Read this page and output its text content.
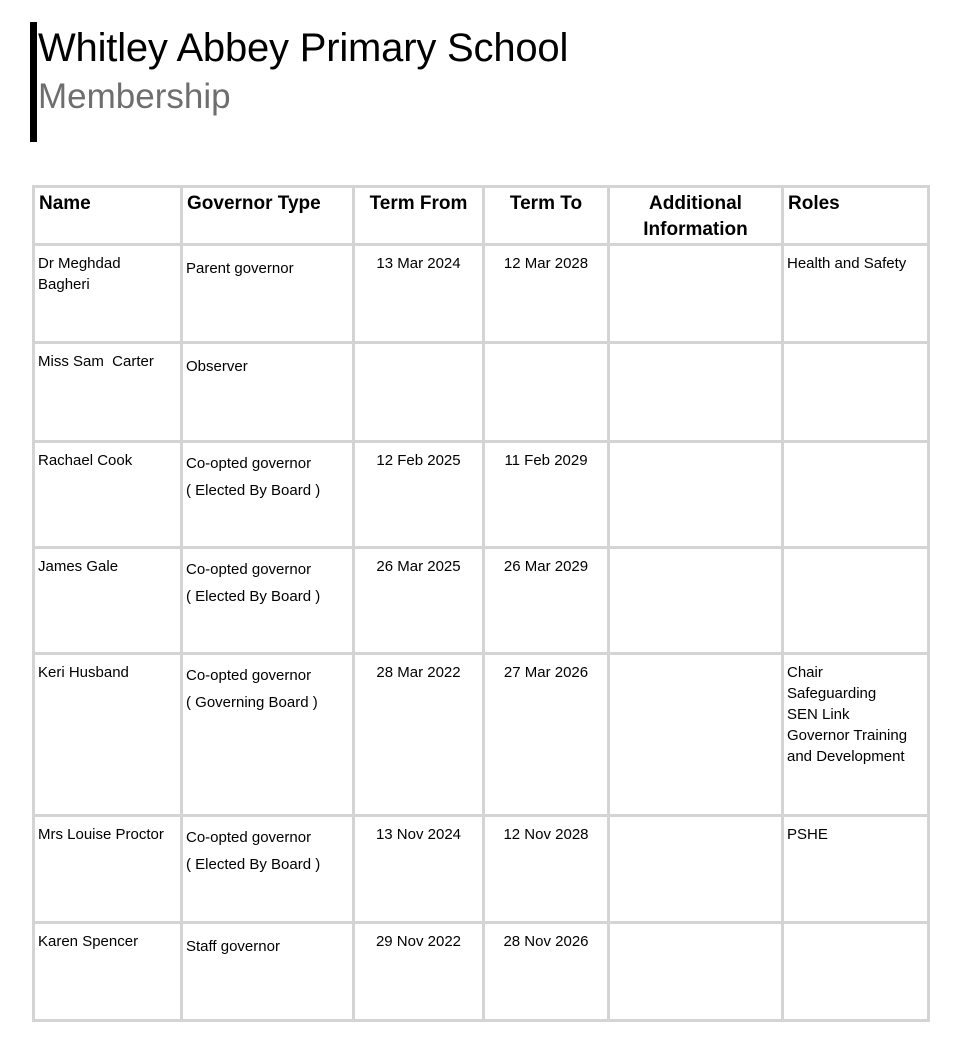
Whitley Abbey Primary School
Membership
Name	Governor Type	Term From	Term To	Additional Information	Roles

Dr Meghdad Bagheri	Parent governor	13 Mar 2024	12 Mar 2028		Health and Safety

Miss Sam  Carter	Observer				

Rachael Cook	Co-opted governor
( Elected By Board )	12 Feb 2025	11 Feb 2029		

James Gale	Co-opted governor
( Elected By Board )	26 Mar 2025	26 Mar 2029		

Keri Husband	Co-opted governor
( Governing Board )	28 Mar 2022	27 Mar 2026		Chair
Safeguarding
SEN Link
Governor Training and Development

Mrs Louise Proctor	Co-opted governor
( Elected By Board )	13 Nov 2024	12 Nov 2028		PSHE

Karen Spencer	Staff governor	29 Nov 2022	28 Nov 2026		
